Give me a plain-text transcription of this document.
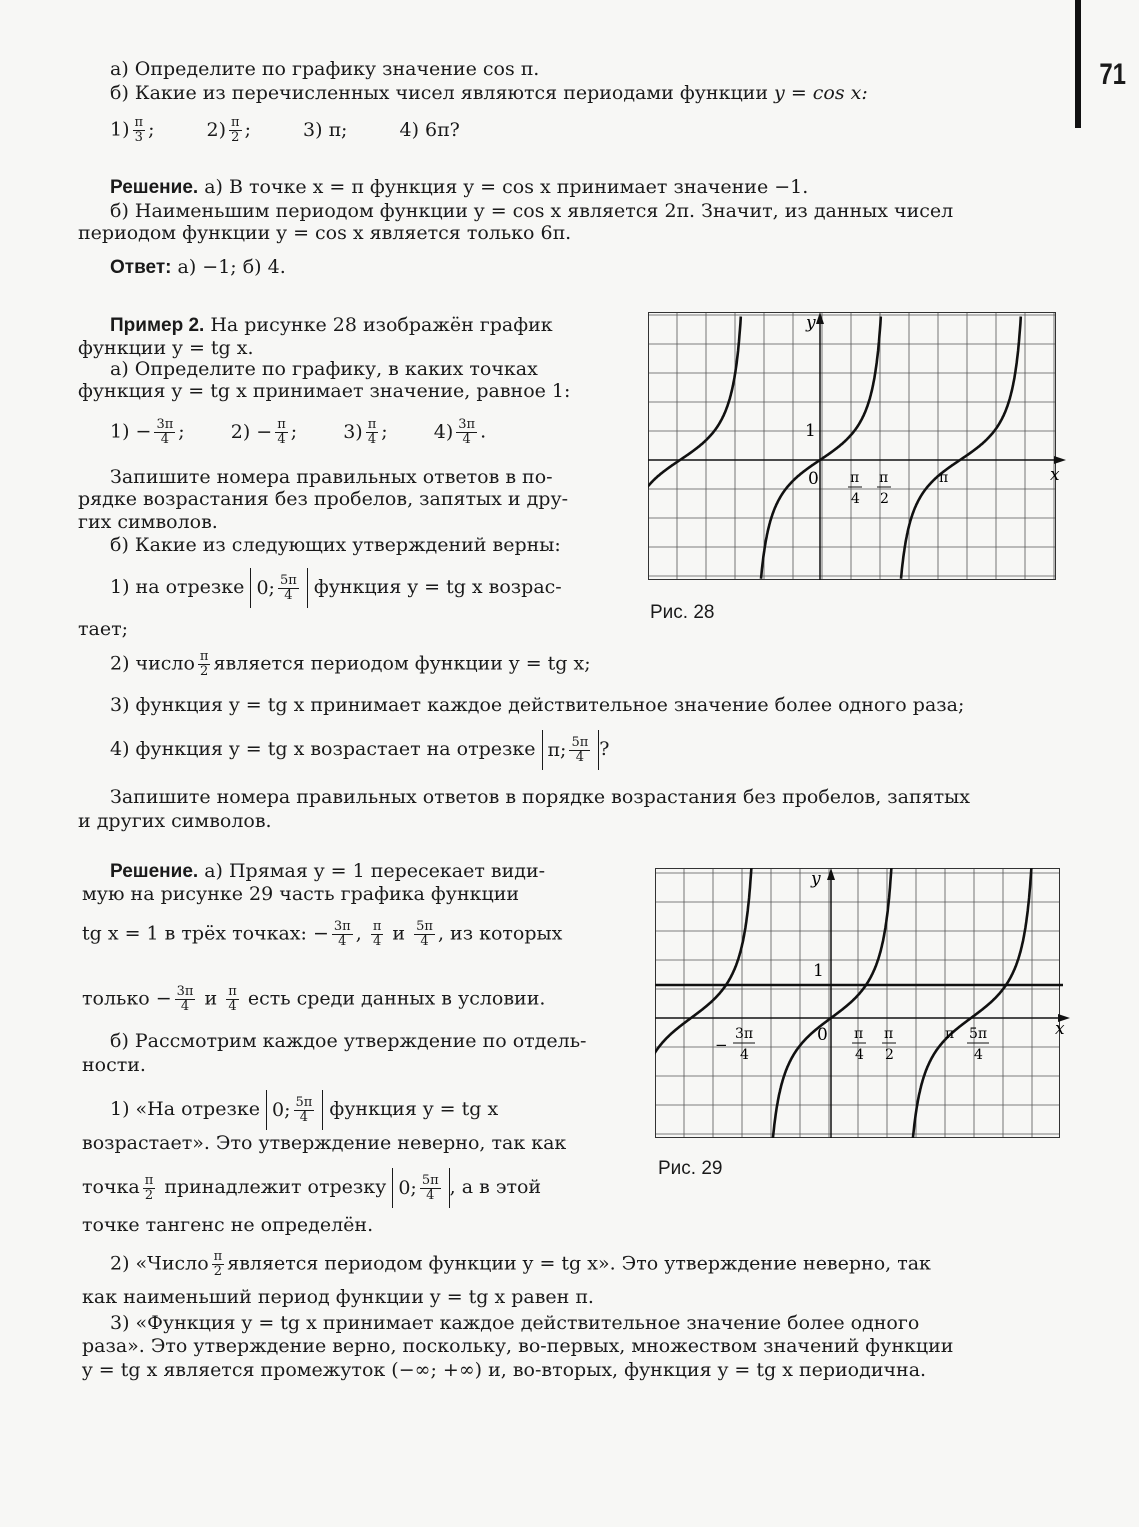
71
а) Определите по графику значение cos π.
б) Какие из перечисленных чисел являются периодами функции y = cos x:
$1) \frac{\pi}{3}$ ; $2) \frac{\pi}{2}$ ; 3) π;	4) 6π?
Решение. а) В точке x = π функция y = cos x принимает значение −1.
б) Наименьшим периодом функции y = cos x является 2π. Значит, из данных чисел
периодом функции y = cos x является только 6π.
Ответ: а) −1; б) 4.
Пример 2. На рисунке 28 изображён график
функции y = tg x.
а) Определите по графику, в каких точках
функция y = tg x принимает значение, равное 1:
$1) - \frac{3\pi}{4}$ ; $2) - \frac{\pi}{4}$ ; $3) \frac{\pi}{4}$ ; $4) \frac{3\pi}{4}$ .
Запишите номера правильных ответов в по-
рядке возрастания без пробелов, запятых и дру-
гих символов.
б) Какие из следующих утверждений верны:
1) на отрезке 0; 5π
4 функция y = tg x возрас-
тает;
2) число $\frac{\pi}{2}$ является периодом функции y = tg x;
3) функция y = tg x принимает каждое действительное значение более одного раза;
4) функция y = tg x возрастает на отрезке π; 5π
4 ?
Запишите номера правильных ответов в порядке возрастания без пробелов, запятых
и других символов.
Решение. а) Прямая y = 1 пересекает види-
мую на рисунке 29 часть графика функции
tg x = 1 в трёх точках: − $\frac{3\pi}{4}$ , $\frac{\pi}{4}$ и $\frac{5\pi}{4}$ , из которых
только − $\frac{3\pi}{4}$ и $\frac{\pi}{4}$ есть среди данных в условии.
б) Рассмотрим каждое утверждение по отдель-
ности.
1) «На отрезке 0; 5π
4 функция y = tg x
возрастает». Это утверждение неверно, так как
точка $\frac{\pi}{2}$ принадлежит отрезку 0; 5π
4 , а в этой
точке тангенс не определён.
2) «Число $\frac{\pi}{2}$ является периодом функции y = tg x». Это утверждение неверно, так
как наименьший период функции y = tg x равен π.
3) «Функция y = tg x принимает каждое действительное значение более одного
раза». Это утверждение верно, поскольку, во-первых, множеством значений функции
y = tg x является промежуток (−∞; +∞) и, во-вторых, функция y = tg x периодична.
y
x
0
1
π
4
π
2
π
Рис. 28
y
x
0
1
−
3π
4
π
4
π
2
π 5π
4
Рис. 29
